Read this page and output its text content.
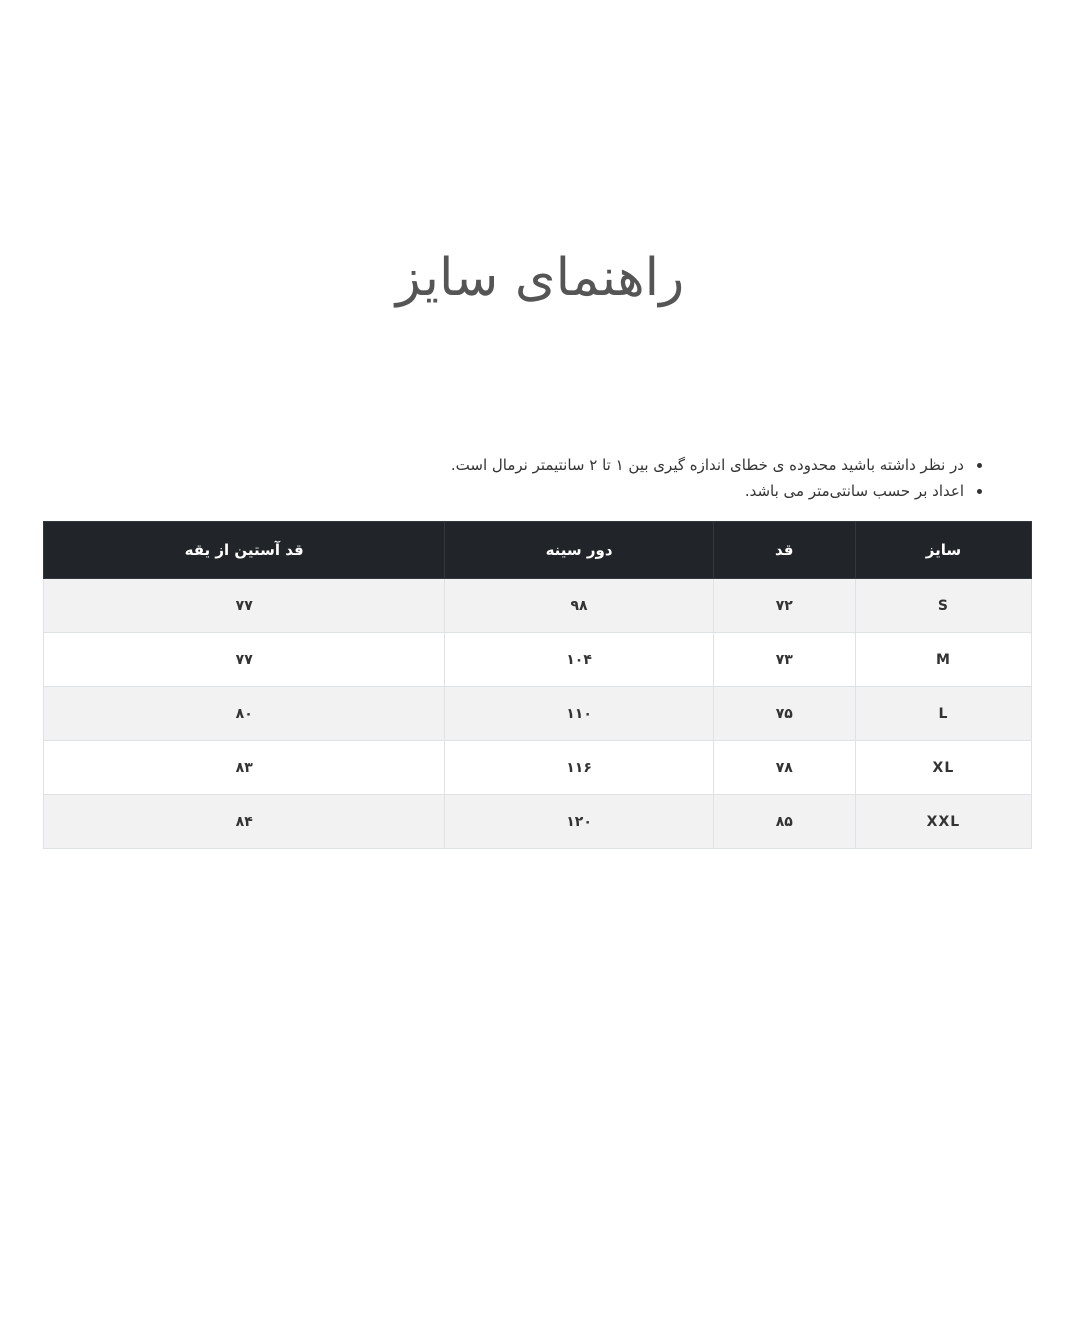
راهنمای سایز
• در نظر داشته باشید محدوده ی خطای اندازه گیری بین ۱ تا ۲ سانتیمتر نرمال است.
• اعداد بر حسب سانتی‌متر می باشد.
سایز	قد	دور سینه	قد آستین از یقه
S	۷۲	۹۸	۷۷
M	۷۳	۱۰۴	۷۷
L	۷۵	۱۱۰	۸۰
XL	۷۸	۱۱۶	۸۳
XXL	۸۵	۱۲۰	۸۴
